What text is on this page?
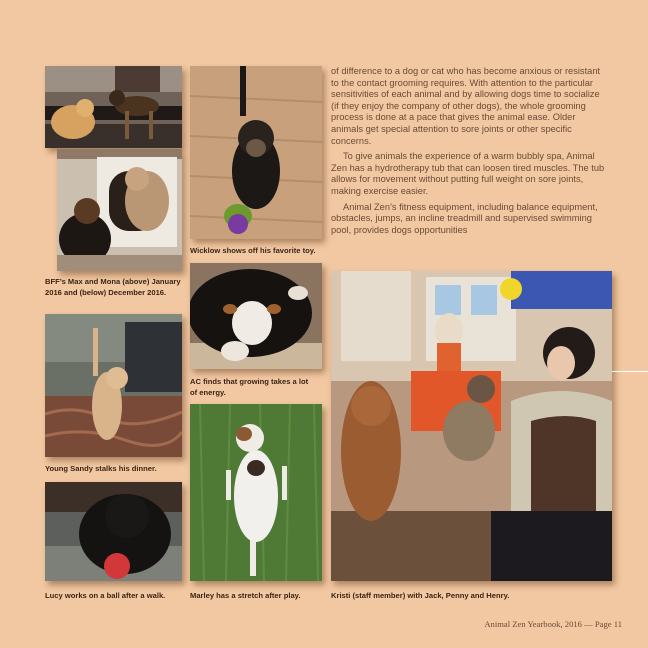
BFF’s Max and Mona (above) January 2016 and (below) December 2016.
Wicklow shows off his favorite toy.
AC finds that growing takes a lot of energy.
Young Sandy stalks his dinner.
Lucy works on a ball after a walk.	Marley has a stretch after play.	Kristi (staff member) with Jack, Penny and Henry.

of difference to a dog or cat who has become anxious or resistant to the contact grooming requires. With attention to the particular sensitivities of each animal and by allowing dogs time to socialize (if they enjoy the company of other dogs), the whole grooming process is done at a pace that gives the animal ease. Older animals get special attention to sore joints or other specific concerns.

To give animals the experience of a warm bubbly spa, Animal Zen has a hydrotherapy tub that can loosen tired muscles. The tub allows for movement without putting full weight on sore joints, making exercise easier.

Animal Zen’s fitness equipment, including balance equipment, obstacles, jumps, an incline treadmill and supervised swimming pool, provides dogs opportunities

Animal Zen Yearbook, 2016 — Page 11
